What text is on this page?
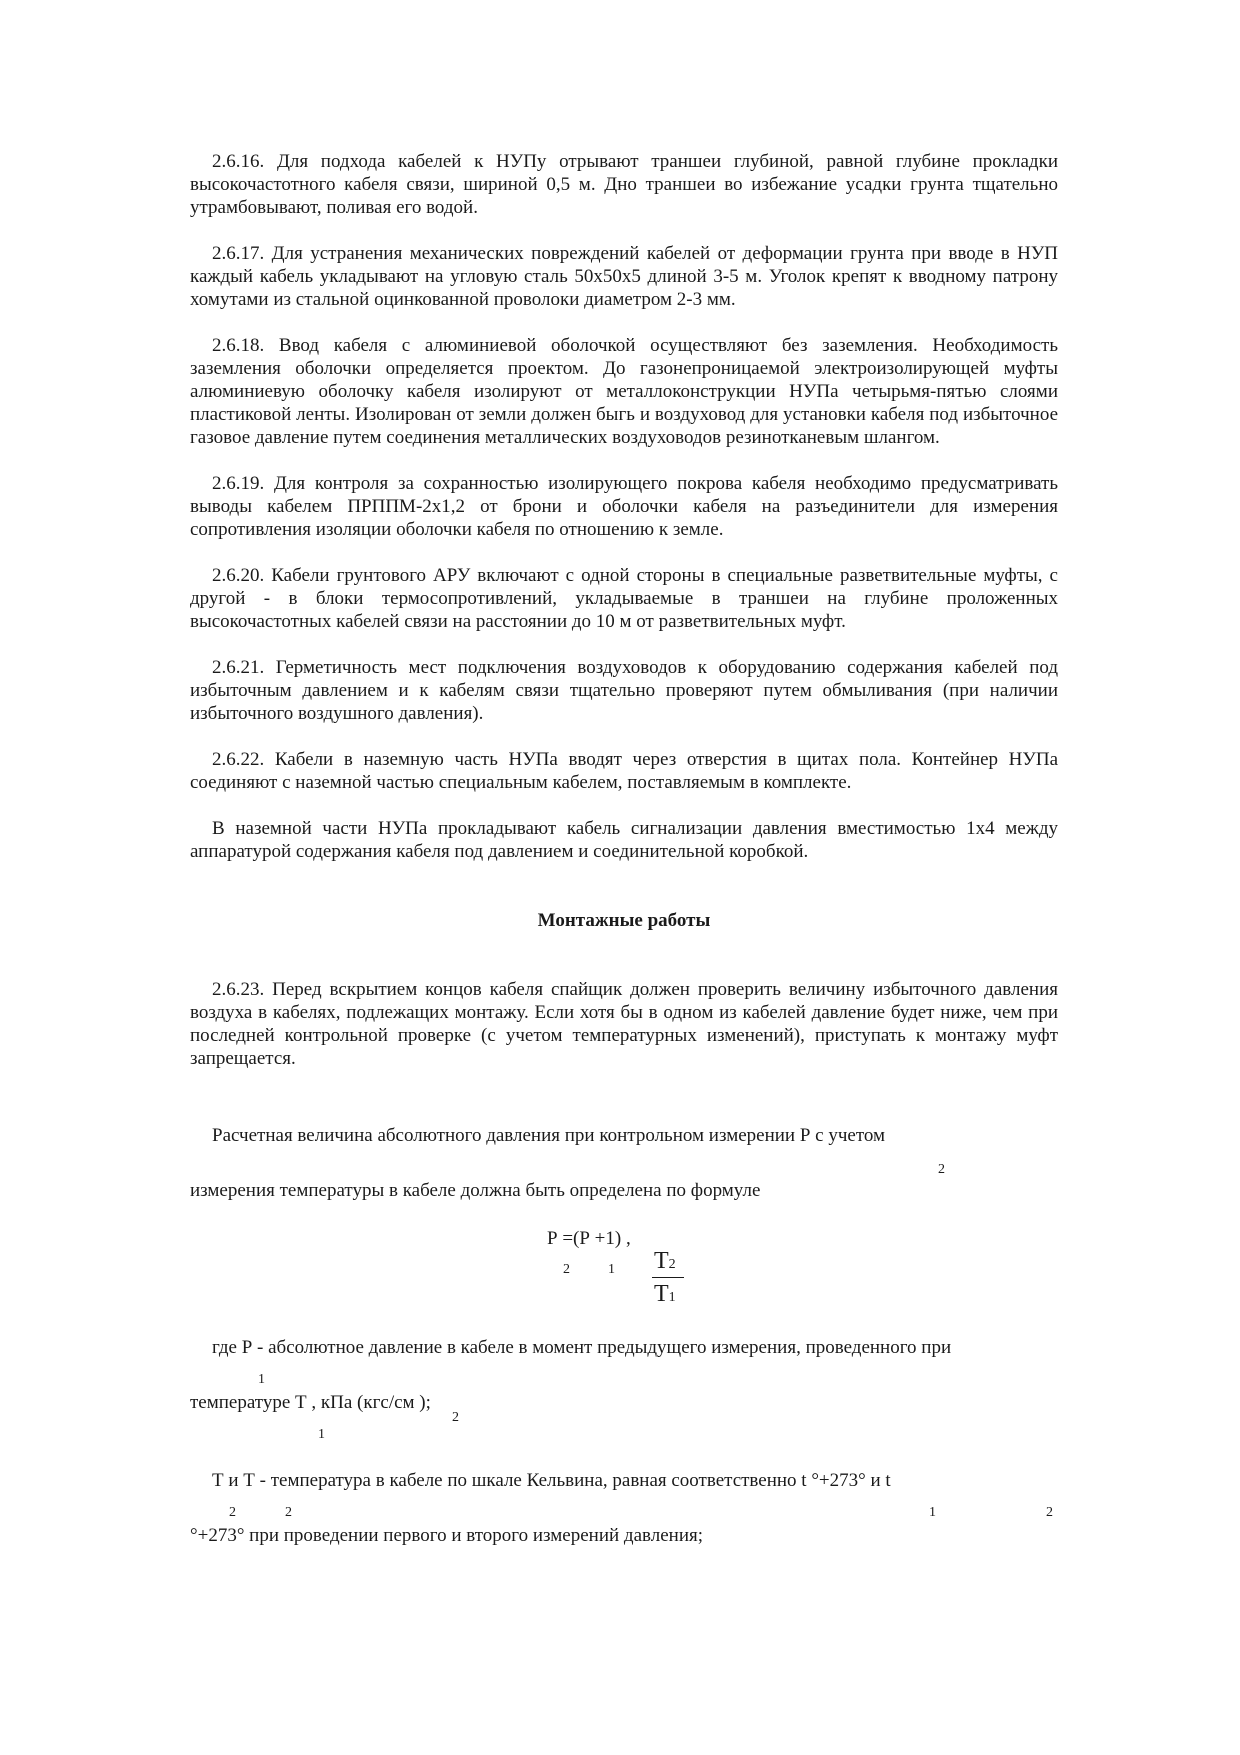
2.6.16. Для подхода кабелей к НУПу отрывают траншеи глубиной, равной глубине прокладки высокочастотного кабеля связи, шириной 0,5 м. Дно траншеи во избежание усадки грунта тщательно утрамбовывают, поливая его водой.

2.6.17. Для устранения механических повреждений кабелей от деформации грунта при вводе в НУП каждый кабель укладывают на угловую сталь 50х50х5 длиной 3-5 м. Уголок крепят к вводному патрону хомутами из стальной оцинкованной проволоки диаметром 2-3 мм.

2.6.18. Ввод кабеля с алюминиевой оболочкой осуществляют без заземления. Необходимость заземления оболочки определяется проектом. До газонепроницаемой электроизолирующей муфты алюминиевую оболочку кабеля изолируют от металлоконструкции НУПа четырьмя-пятью слоями пластиковой ленты. Изолирован от земли должен быгь и воздуховод для установки кабеля под избыточное газовое давление путем соединения металлических воздуховодов резинотканевым шлангом.

2.6.19. Для контроля за сохранностью изолирующего покрова кабеля необходимо предусматривать выводы кабелем ПРППМ-2х1,2 от брони и оболочки кабеля на разъединители для измерения сопротивления изоляции оболочки кабеля по отношению к земле.

2.6.20. Кабели грунтового АРУ включают с одной стороны в специальные разветвительные муфты, с другой - в блоки термосопротивлений, укладываемые в траншеи на глубине проложенных высокочастотных кабелей связи на расстоянии до 10 м от разветвительных муфт.

2.6.21. Герметичность мест подключения воздуховодов к оборудованию содержания кабелей под избыточным давлением и к кабелям связи тщательно проверяют путем обмыливания (при наличии избыточного воздушного давления).

2.6.22. Кабели в наземную часть НУПа вводят через отверстия в щитах пола. Контейнер НУПа соединяют с наземной частью специальным кабелем, поставляемым в комплекте.

В наземной части НУПа прокладывают кабель сигнализации давления вместимостью 1х4 между аппаратурой содержания кабеля под давлением и соединительной коробкой.

Монтажные работы

2.6.23. Перед вскрытием концов кабеля спайщик должен проверить величину избыточного давления воздуха в кабелях, подлежащих монтажу. Если хотя бы в одном из кабелей давление будет ниже, чем при последней контрольной проверке (с учетом температурных изменений), приступать к монтажу муфт запрещается.

Расчетная величина абсолютного давления при контрольном измерении Р с учетом
2
измерения температуры в кабеле должна быть определена по формуле
Р =(Р +1) ,
2	1 Т2
Т1
где Р - абсолютное давление в кабеле в момент предыдущего измерения, проведенного при
1
температуре Т , кПа (кгс/см );
1
2
Т и Т - температура в кабеле по шкале Кельвина, равная соответственно t °+273° и t
2	2	1	2
°+273° при проведении первого и второго измерений давления;
